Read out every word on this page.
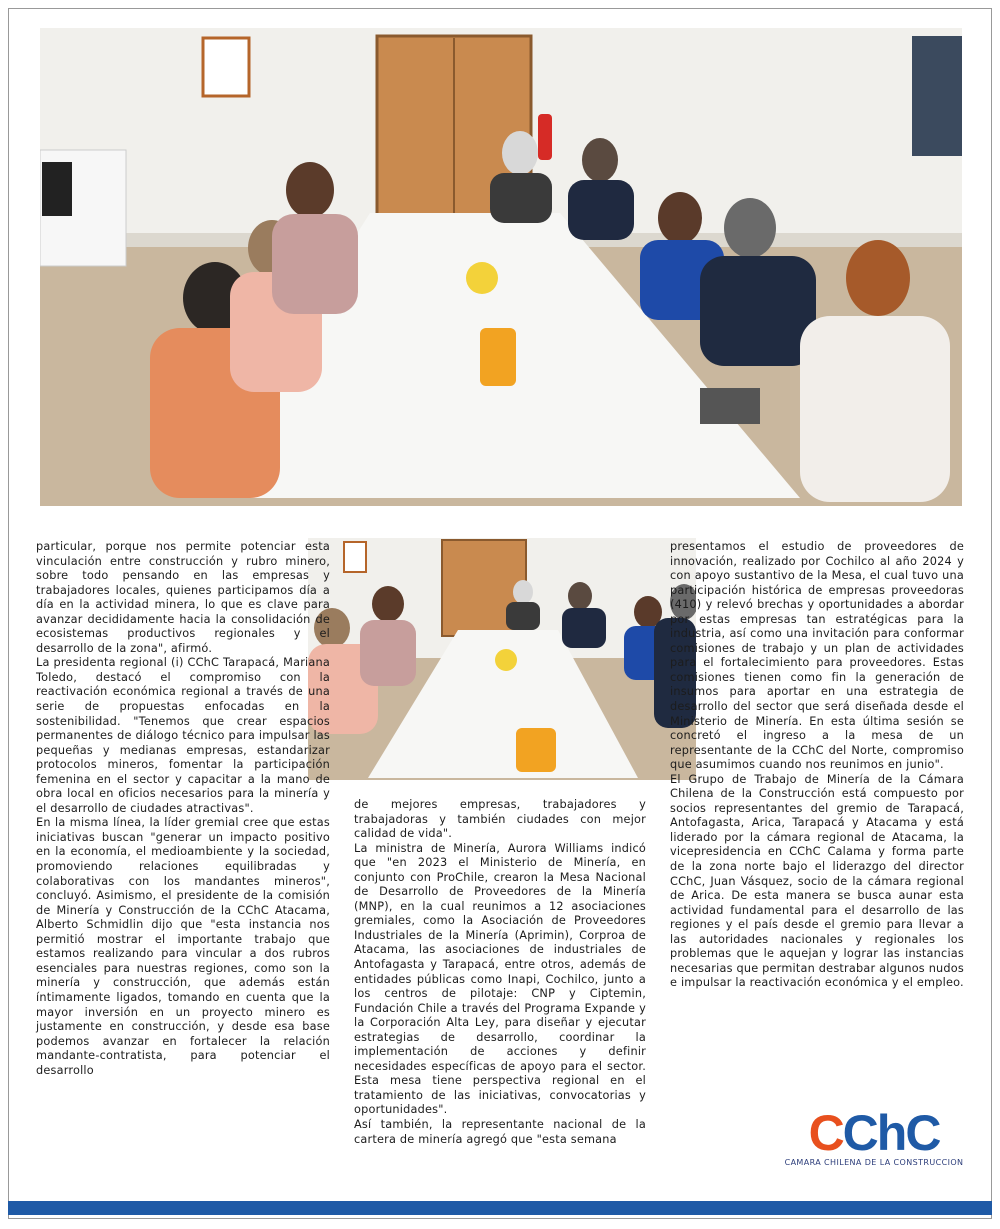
particular, porque nos permite potenciar esta vinculación entre construcción y rubro minero, sobre todo pensando en las empresas y trabajadores locales, quienes participamos día a día en la actividad minera, lo que es clave para avanzar decididamente hacia la consolidación de ecosistemas productivos regionales y el desarrollo de la zona", afirmó.

La presidenta regional (i) CChC Tarapacá, Mariana Toledo, destacó el compromiso con la reactivación económica regional a través de una serie de propuestas enfocadas en la sostenibilidad. "Tenemos que crear espacios permanentes de diálogo técnico para impulsar las pequeñas y medianas empresas, estandarizar protocolos mineros, fomentar la participación femenina en el sector y capacitar a la mano de obra local en oficios necesarios para la minería y el desarrollo de ciudades atractivas".

En la misma línea, la líder gremial cree que estas iniciativas buscan "generar un impacto positivo en la economía, el medioambiente y la sociedad, promoviendo relaciones equilibradas y colaborativas con los mandantes mineros", concluyó. Asimismo, el presidente de la comisión de Minería y Construcción de la CChC Atacama, Alberto Schmidlin dijo que "esta instancia nos permitió mostrar el importante trabajo que estamos realizando para vincular a dos rubros esenciales para nuestras regiones, como son la minería y construcción, que además están íntimamente ligados, tomando en cuenta que la mayor inversión en un proyecto minero es justamente en construcción, y desde esa base podemos avanzar en fortalecer la relación mandante-contratista, para potenciar el desarrollo

de mejores empresas, trabajadores y trabajadoras y también ciudades con mejor calidad de vida".

La ministra de Minería, Aurora Williams indicó que "en 2023 el Ministerio de Minería, en conjunto con ProChile, crearon la Mesa Nacional de Desarrollo de Proveedores de la Minería (MNP), en la cual reunimos a 12 asociaciones gremiales, como la Asociación de Proveedores Industriales de la Minería (Aprimin), Corproa de Atacama, las asociaciones de industriales de Antofagasta y Tarapacá, entre otros, además de entidades públicas como Inapi, Cochilco, junto a los centros de pilotaje: CNP y Ciptemin, Fundación Chile a través del Programa Expande y la Corporación Alta Ley, para diseñar y ejecutar estrategias de desarrollo, coordinar la implementación de acciones y definir necesidades específicas de apoyo para el sector. Esta mesa tiene perspectiva regional en el tratamiento de las iniciativas, convocatorias y oportunidades".

Así también, la representante nacional de la cartera de minería agregó que "esta semana

presentamos el estudio de proveedores de innovación, realizado por Cochilco al año 2024 y con apoyo sustantivo de la Mesa, el cual tuvo una participación histórica de empresas proveedoras (410) y relevó brechas y oportunidades a abordar por estas empresas tan estratégicas para la industria, así como una invitación para conformar comisiones de trabajo y un plan de actividades para el fortalecimiento para proveedores. Estas comisiones tienen como fin la generación de insumos para aportar en una estrategia de desarrollo del sector que será diseñada desde el Ministerio de Minería. En esta última sesión se concretó el ingreso a la mesa de un representante de la CChC del Norte, compromiso que asumimos cuando nos reunimos en junio".

El Grupo de Trabajo de Minería de la Cámara Chilena de la Construcción está compuesto por socios representantes del gremio de Tarapacá, Antofagasta, Arica, Tarapacá y Atacama y está liderado por la cámara regional de Atacama, la vicepresidencia en CChC Calama y forma parte de la zona norte bajo el liderazgo del director CChC, Juan Vásquez, socio de la cámara regional de Arica. De esta manera se busca aunar esta actividad fundamental para el desarrollo de las regiones y el país desde el gremio para llevar a las autoridades nacionales y regionales los problemas que le aquejan y lograr las instancias necesarias que permitan destrabar algunos nudos e impulsar la reactivación económica y el empleo.

CChC
CAMARA CHILENA DE LA CONSTRUCCION
